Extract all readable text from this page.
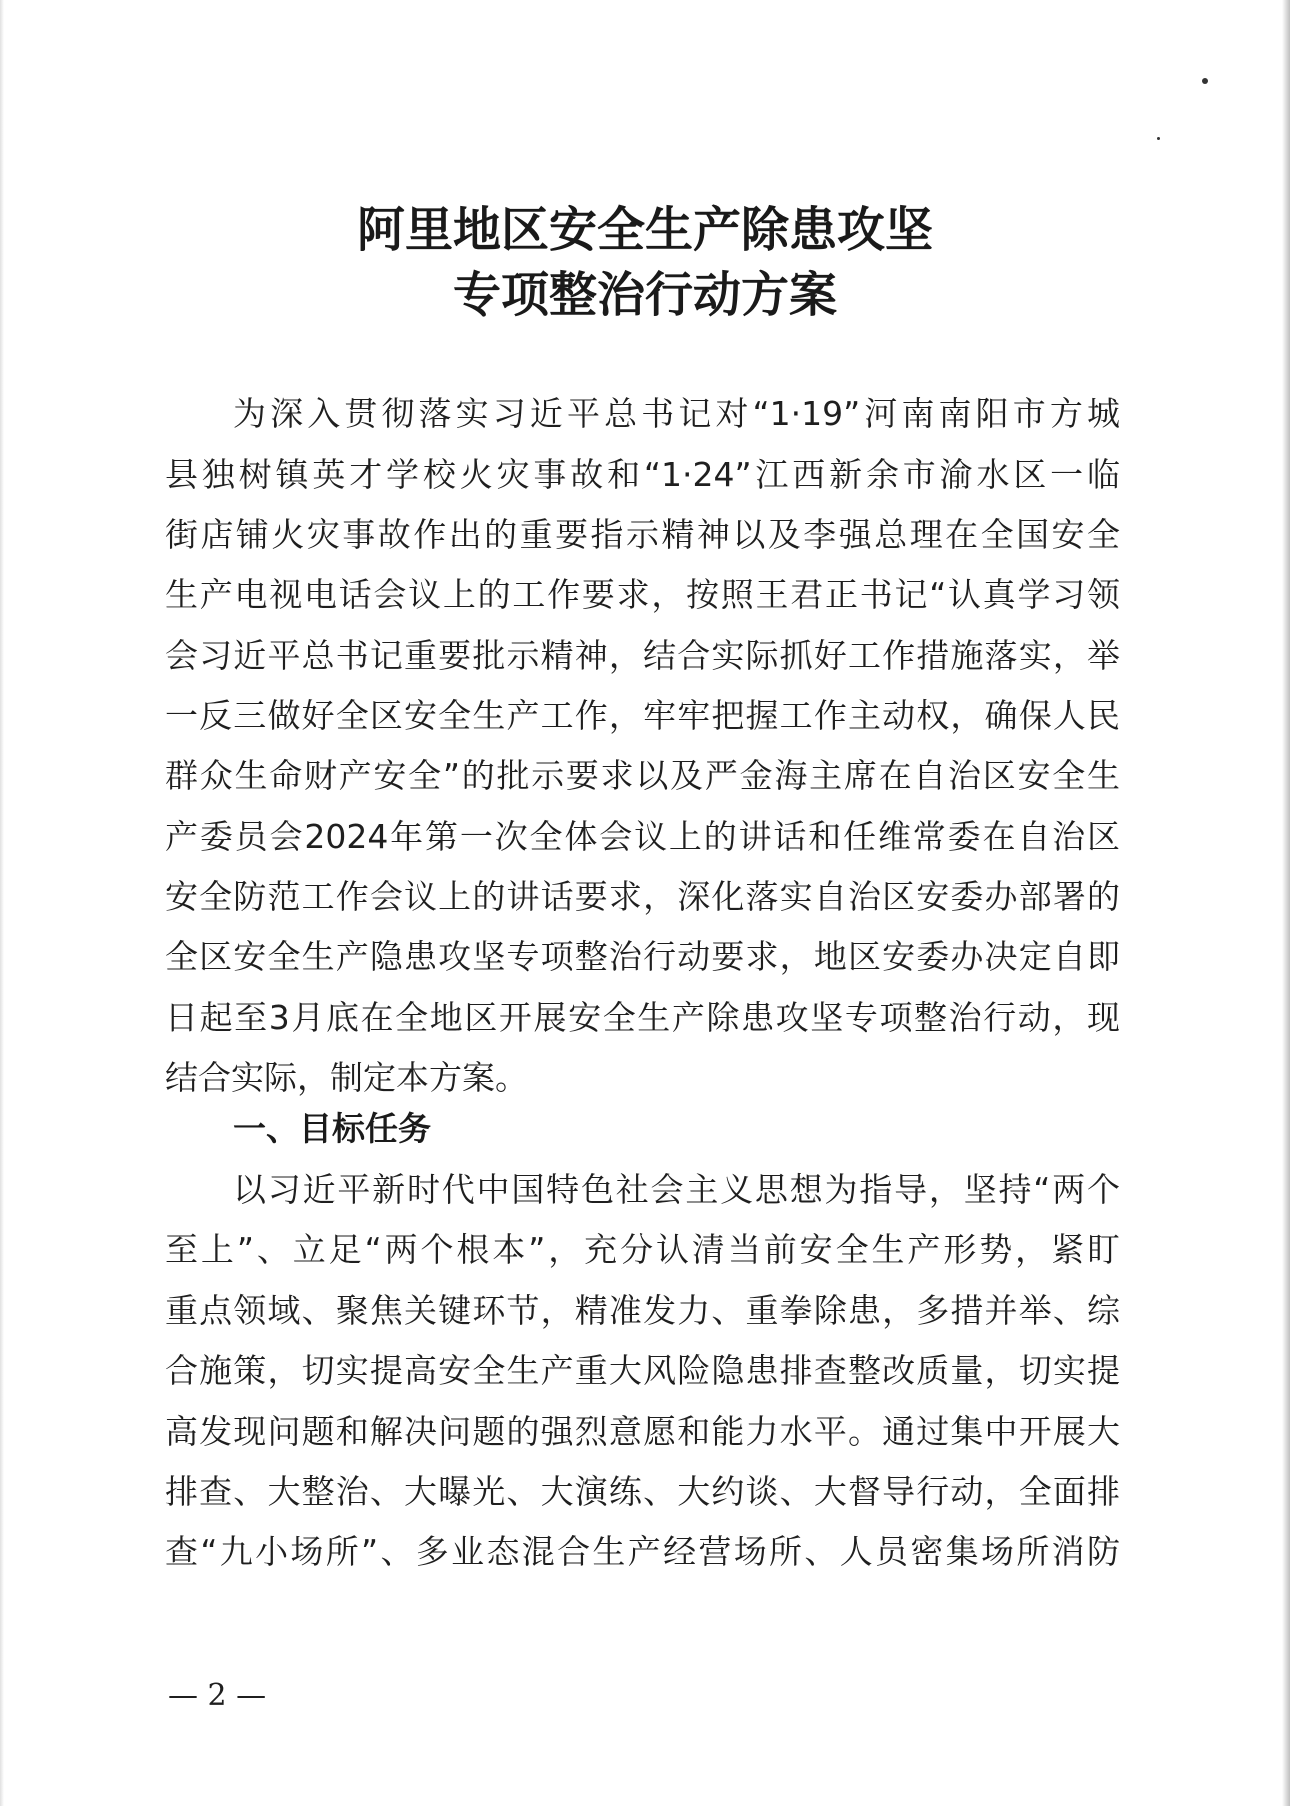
阿里地区安全生产除患攻坚
专项整治行动方案
为深入贯彻落实习近平总书记对“1·19”河南南阳市方城
县独树镇英才学校火灾事故和“1·24”江西新余市渝水区一临
街店铺火灾事故作出的重要指示精神以及李强总理在全国安全
生产电视电话会议上的工作要求，按照王君正书记“认真学习领
会习近平总书记重要批示精神，结合实际抓好工作措施落实，举
一反三做好全区安全生产工作，牢牢把握工作主动权，确保人民
群众生命财产安全”的批示要求以及严金海主席在自治区安全生
产委员会2024年第一次全体会议上的讲话和任维常委在自治区
安全防范工作会议上的讲话要求，深化落实自治区安委办部署的
全区安全生产隐患攻坚专项整治行动要求，地区安委办决定自即
日起至3月底在全地区开展安全生产除患攻坚专项整治行动，现
结合实际，制定本方案。
一、目标任务
以习近平新时代中国特色社会主义思想为指导，坚持“两个
至上”、立足“两个根本”，充分认清当前安全生产形势，紧盯
重点领域、聚焦关键环节，精准发力、重拳除患，多措并举、综
合施策，切实提高安全生产重大风险隐患排查整改质量，切实提
高发现问题和解决问题的强烈意愿和能力水平。通过集中开展大
排查、大整治、大曝光、大演练、大约谈、大督导行动，全面排
查“九小场所”、多业态混合生产经营场所、人员密集场所消防
— 2 —
